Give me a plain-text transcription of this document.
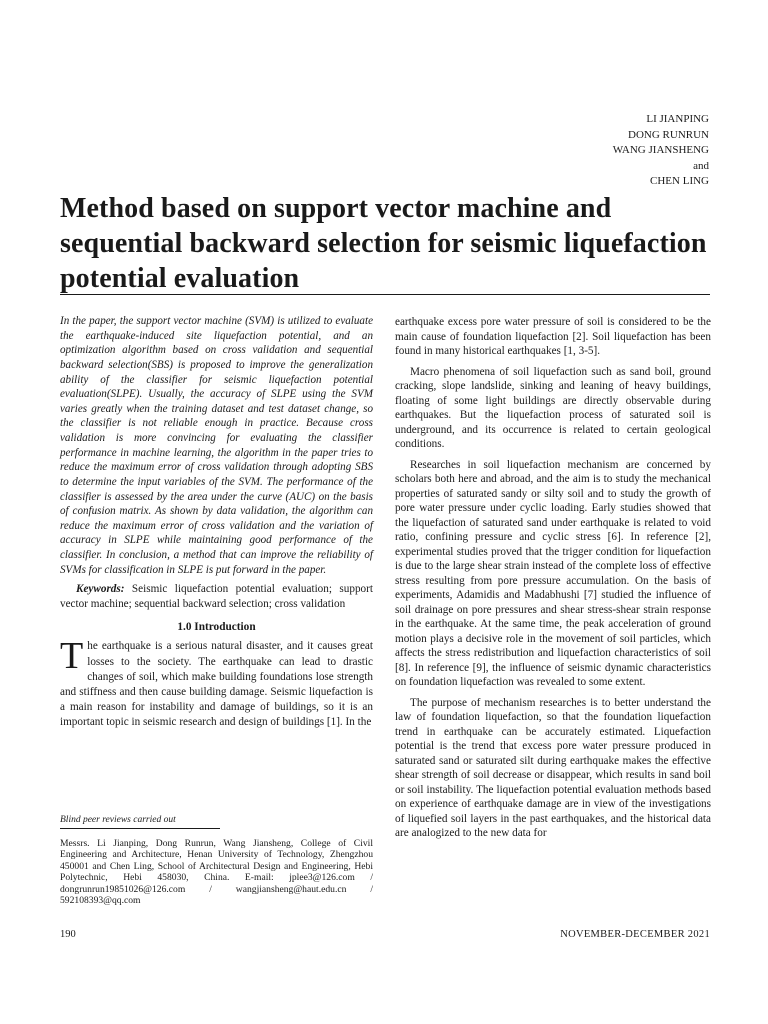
LI JIANPING
DONG RUNRUN
WANG JIANSHENG
and
CHEN LING
Method based on support vector machine and sequential backward selection for seismic liquefaction potential evaluation

In the paper, the support vector machine (SVM) is utilized to evaluate the earthquake-induced site liquefaction potential, and an optimization algorithm based on cross validation and sequential backward selection(SBS) is proposed to improve the generalization ability of the classifier for seismic liquefaction potential evaluation(SLPE). Usually, the accuracy of SLPE using the SVM varies greatly when the training dataset and test dataset change, so the classifier is not reliable enough in practice. Because cross validation is more convincing for evaluating the classifier performance in machine learning, the algorithm in the paper tries to reduce the maximum error of cross validation through adopting SBS to determine the input variables of the SVM. The performance of the classifier is assessed by the area under the curve (AUC) on the basis of confusion matrix. As shown by data validation, the algorithm can reduce the maximum error of cross validation and the variation of accuracy in SLPE while maintaining good performance of the classifier. In conclusion, a method that can improve the reliability of SVMs for classification in SLPE is put forward in the paper.

Keywords: Seismic liquefaction potential evaluation; support vector machine; sequential backward selection; cross validation

1.0 Introduction

The earthquake is a serious natural disaster, and it causes great losses to the society. The earthquake can lead to drastic changes of soil, which make building foundations lose strength and stiffness and then cause building damage. Seismic liquefaction is a main reason for instability and damage of buildings, so it is an important topic in seismic research and design of buildings [1]. In the

Blind peer reviews carried out

Messrs. Li Jianping, Dong Runrun, Wang Jiansheng, College of Civil Engineering and Architecture, Henan University of Technology, Zhengzhou 450001 and Chen Ling, School of Architectural Design and Engineering, Hebi Polytechnic, Hebi 458030, China. E-mail: jplee3@126.com / dongrunrun19851026@126.com / wangjiansheng@haut.edu.cn / 592108393@qq.com

earthquake excess pore water pressure of soil is considered to be the main cause of foundation liquefaction [2]. Soil liquefaction has been found in many historical earthquakes [1, 3-5].

Macro phenomena of soil liquefaction such as sand boil, ground cracking, slope landslide, sinking and leaning of heavy buildings, floating of some light buildings are directly observable during earthquakes. But the liquefaction process of saturated soil is underground, and its occurrence is related to certain geological conditions.

Researches in soil liquefaction mechanism are concerned by scholars both here and abroad, and the aim is to study the mechanical properties of saturated sandy or silty soil and to study the growth of pore water pressure under cyclic loading. Early studies showed that the liquefaction of saturated sand under earthquake is related to void ratio, confining pressure and cyclic stress [6]. In reference [2], experimental studies proved that the trigger condition for liquefaction is due to the large shear strain instead of the complete loss of effective stress resulting from pore pressure accumulation. On the basis of experiments, Adamidis and Madabhushi [7] studied the influence of soil drainage on pore pressures and shear stress-shear strain response in the earthquake. At the same time, the peak acceleration of ground motion plays a decisive role in the movement of soil particles, which affects the stress redistribution and liquefaction characteristics of soil [8]. In reference [9], the influence of seismic dynamic characteristics on foundation liquefaction was revealed to some extent.

The purpose of mechanism researches is to better understand the law of foundation liquefaction, so that the foundation liquefaction trend in earthquake can be accurately estimated. Liquefaction potential is the trend that excess pore water pressure produced in saturated sand or saturated silt during earthquake makes the effective shear strength of soil decrease or disappear, which results in sand boil or soil instability. The liquefaction potential evaluation methods based on experience of earthquake damage are in view of the investigations of liquefied soil layers in the past earthquakes, and the historical data are analogized to the new data for

190	NOVEMBER-DECEMBER 2021
